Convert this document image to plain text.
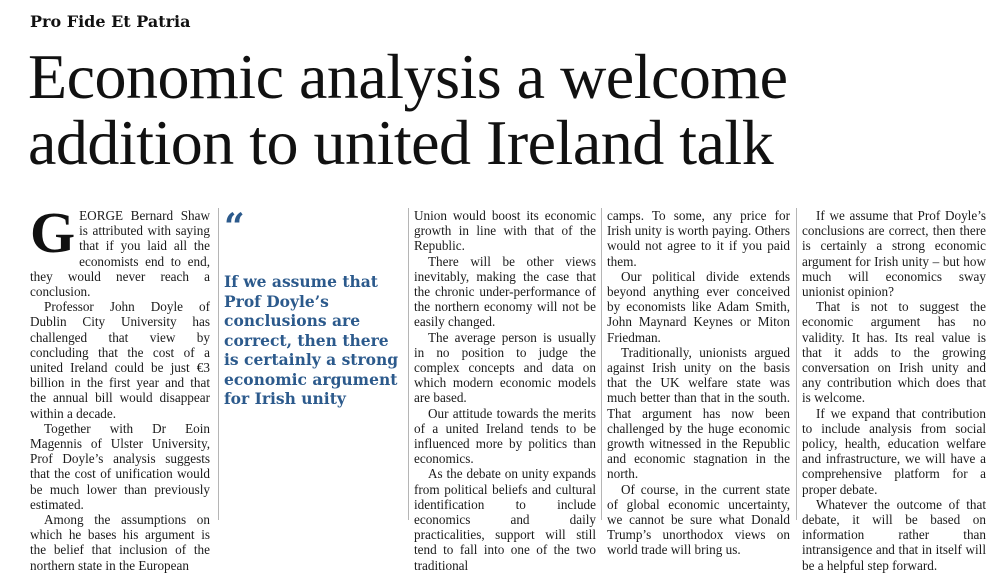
Pro Fide Et Patria
Economic analysis a welcome addition to united Ireland talk

GEORGE Bernard Shaw is attributed with saying that if you laid all the economists end to end, they would never reach a conclusion.

Professor John Doyle of Dublin City University has challenged that view by concluding that the cost of a united Ireland could be just €3 billion in the first year and that the annual bill would disappear within a decade.

Together with Dr Eoin Magennis of Ulster University, Prof Doyle’s analysis suggests that the cost of unification would be much lower than previously estimated.

Among the assumptions on which he bases his argument is the belief that inclusion of the northern state in the European

“
If we assume that Prof Doyle’s conclusions are correct, then there is certainly a strong economic argument for Irish unity

Union would boost its economic growth in line with that of the Republic.

There will be other views inevitably, making the case that the chronic under-performance of the northern economy will not be easily changed.

The average person is usually in no position to judge the complex concepts and data on which modern economic models are based.

Our attitude towards the merits of a united Ireland tends to be influenced more by politics than economics.

As the debate on unity expands from political beliefs and cultural identification to include economics and daily practicalities, support will still tend to fall into one of the two traditional

camps. To some, any price for Irish unity is worth paying. Others would not agree to it if you paid them.

Our political divide extends beyond anything ever conceived by economists like Adam Smith, John Maynard Keynes or Miton Friedman.

Traditionally, unionists argued against Irish unity on the basis that the UK welfare state was much better than that in the south. That argument has now been challenged by the huge economic growth witnessed in the Republic and economic stagnation in the north.

Of course, in the current state of global economic uncertainty, we cannot be sure what Donald Trump’s unorthodox views on world trade will bring us.

If we assume that Prof Doyle’s conclusions are correct, then there is certainly a strong economic argument for Irish unity – but how much will economics sway unionist opinion?

That is not to suggest the economic argument has no validity. It has. Its real value is that it adds to the growing conversation on Irish unity and any contribution which does that is welcome.

If we expand that contribution to include analysis from social policy, health, education welfare and infrastructure, we will have a comprehensive platform for a proper debate.

Whatever the outcome of that debate, it will be based on information rather than intransigence and that in itself will be a helpful step forward.
